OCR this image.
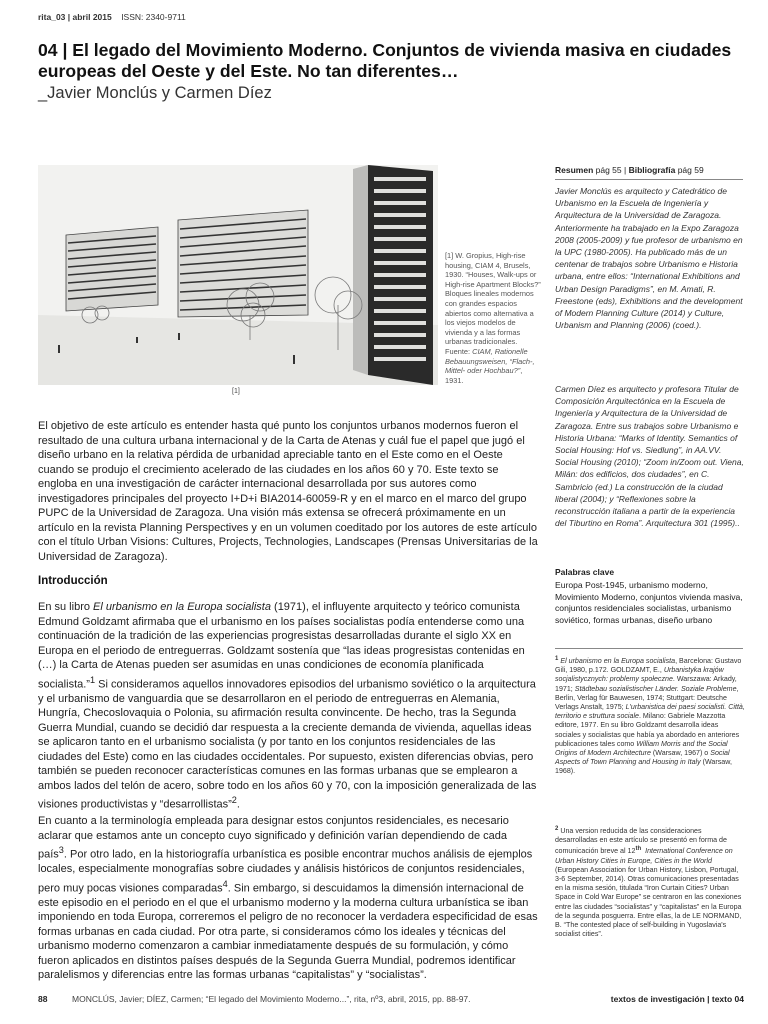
rita_03 | abril 2015 ISSN: 2340-9711
04 | El legado del Movimiento Moderno. Conjuntos de vivienda masiva en ciudades europeas del Oeste y del Este. No tan diferentes…
_Javier Monclús y Carmen Díez
[1]
[1] W. Gropius, High-rise housing, CIAM 4, Brusels, 1930. “Houses, Walk-ups or High-rise Apartment Blocks?” Bloques lineales modernos con grandes espacios abiertos como alternativa a los viejos modelos de vivienda y a las formas urbanas tradicionales. Fuente: CIAM, Rationelle Bebauungsweisen, “Flach-, Mittel- oder Hochbau?”, 1931.
Resumen pág 55 | Bibliografía pág 59

Javier Monclús es arquitecto y Catedrático de Urbanismo en la Escuela de Ingeniería y Arquitectura de la Universidad de Zaragoza. Anteriormente ha trabajado en la Expo Zaragoza 2008 (2005-2009) y fue profesor de urbanismo en la UPC (1980-2005). Ha publicado más de un centenar de trabajos sobre Urbanismo e Historia urbana, entre ellos: “International Exhibitions and Urban Design Paradigms”, en M. Amati, R. Freestone (eds), Exhibitions and the development of Modern Planning Culture (2014) y Culture, Urbanism and Planning (2006) (coed.).

Carmen Díez es arquitecto y profesora Titular de Composición Arquitectónica en la Escuela de Ingeniería y Arquitectura de la Universidad de Zaragoza. Entre sus trabajos sobre Urbanismo e Historia Urbana: “Marks of Identity. Semantics of Social Housing: Hof vs. Siedlung”, in AA.VV. Social Housing (2010); “Zoom in/Zoom out. Viena, Milán: dos edificios, dos ciudades”, en C. Sambricio (ed.) La construcción de la ciudad liberal (2004); y “Reflexiones sobre la reconstrucción italiana a partir de la experiencia del Tiburtino en Roma”. Arquitectura 301 (1995)..

Palabras clave

Europa Post-1945, urbanismo moderno, Movimiento Moderno, conjuntos vivienda masiva, conjuntos residenciales socialistas, urbanismo soviético, formas urbanas, diseño urbano

$^1$ El urbanismo en la Europa socialista, Barcelona: Gustavo Gili, 1980, p.172. GOLDZAMT, E., Urbanistyka krajów socjalistycznych: problemy społeczne. Warszawa: Arkady, 1971; Städtebau sozialistischer Länder. Soziale Probleme, Berlin, Verlag für Bauwesen, 1974; Stuttgart: Deutsche Verlags Anstalt, 1975; L'urbanistica dei paesi socialisti. Città, territorio e struttura sociale. Milano: Gabriele Mazzotta editore, 1977. En su libro Goldzamt desarrolla ideas sociales y socialistas que había ya abordado en anteriores publicaciones tales como William Morris and the Social Origins of Modern Architecture (Warsaw, 1967) o Social Aspects of Town Planning and Housing in Italy (Warsaw, 1968).

$^2$ Una version reducida de las consideraciones desarrolladas en este artículo se presentó en forma de comunicación breve al 12th International Conference on Urban History Cities in Europe, Cities in the World (European Association for Urban History, Lisbon, Portugal, 3-6 September, 2014). Otras comunicaciones presentadas en la misma sesión, titulada “Iron Curtain Cities? Urban Space in Cold War Europe” se centraron en las conexiones entre las ciudades “socialistas” y “capitalistas” en la Europa de la segunda posguerra. Entre ellas, la de LE NORMAND, B. “The contested place of self-building in Yugoslavia's socialist cities”.

El objetivo de este artículo es entender hasta qué punto los conjuntos urbanos modernos fueron el resultado de una cultura urbana internacional y de la Carta de Atenas y cuál fue el papel que jugó el diseño urbano en la relativa pérdida de urbanidad apreciable tanto en el Este como en el Oeste cuando se produjo el crecimiento acelerado de las ciudades en los años 60 y 70. Este texto se engloba en una investigación de carácter internacional desarrollada por sus autores como investigadores principales del proyecto I+D+i BIA2014-60059-R y en el marco en el marco del grupo PUPC de la Universidad de Zaragoza. Una visión más extensa se ofrecerá próximamente en un artículo en la revista Planning Perspectives y en un volumen coeditado por los autores de este artículo con el título Urban Visions: Cultures, Projects, Technologies, Landscapes (Prensas Universitarias de la Universidad de Zaragoza).

Introducción

En su libro El urbanismo en la Europa socialista (1971), el influyente arquitecto y teórico comunista Edmund Goldzamt afirmaba que el urbanismo en los países socialistas podía entenderse como una continuación de la tradición de las experiencias progresistas desarrolladas durante el siglo XX en Europa en el periodo de entreguerras. Goldzamt sostenía que “las ideas progresistas contenidas en (…) la Carta de Atenas pueden ser asumidas en unas condiciones de economía planificada socialista.”$^1$ Si consideramos aquellos innovadores episodios del urbanismo soviético o la arquitectura y el urbanismo de vanguardia que se desarrollaron en el periodo de entreguerras en Alemania, Hungría, Checoslovaquia o Polonia, su afirmación resulta convincente. De hecho, tras la Segunda Guerra Mundial, cuando se decidió dar respuesta a la creciente demanda de vivienda, aquellas ideas se aplicaron tanto en el urbanismo socialista (y por tanto en los conjuntos residenciales de las ciudades del Este) como en las ciudades occidentales. Por supuesto, existen diferencias obvias, pero también se pueden reconocer características comunes en las formas urbanas que se emplearon a ambos lados del telón de acero, sobre todo en los años 60 y 70, con la imposición generalizada de las visiones productivistas y “desarrollistas”$^2$.

En cuanto a la terminología empleada para designar estos conjuntos residenciales, es necesario aclarar que estamos ante un concepto cuyo significado y definición varían dependiendo de cada país$^3$. Por otro lado, en la historiografía urbanística es posible encontrar muchos análisis de ejemplos locales, especialmente monografías sobre ciudades y análisis históricos de conjuntos residenciales, pero muy pocas visiones comparadas$^4$. Sin embargo, si descuidamos la dimensión internacional de este episodio en el periodo en el que el urbanismo moderno y la moderna cultura urbanística se iban imponiendo en toda Europa, correremos el peligro de no reconocer la verdadera especificidad de esas formas urbanas en cada ciudad. Por otra parte, si consideramos cómo los ideales y técnicas del urbanismo moderno comenzaron a cambiar inmediatamente después de su formulación, y cómo fueron aplicados en distintos países después de la Segunda Guerra Mundial, podremos identificar paralelismos y diferencias entre las formas urbanas “capitalistas” y “socialistas”.

88	MONCLÚS, Javier; DÍEZ, Carmen; “El legado del Movimiento Moderno...”, rita, nº3, abril, 2015, pp. 88-97.	textos de investigación | texto 04
